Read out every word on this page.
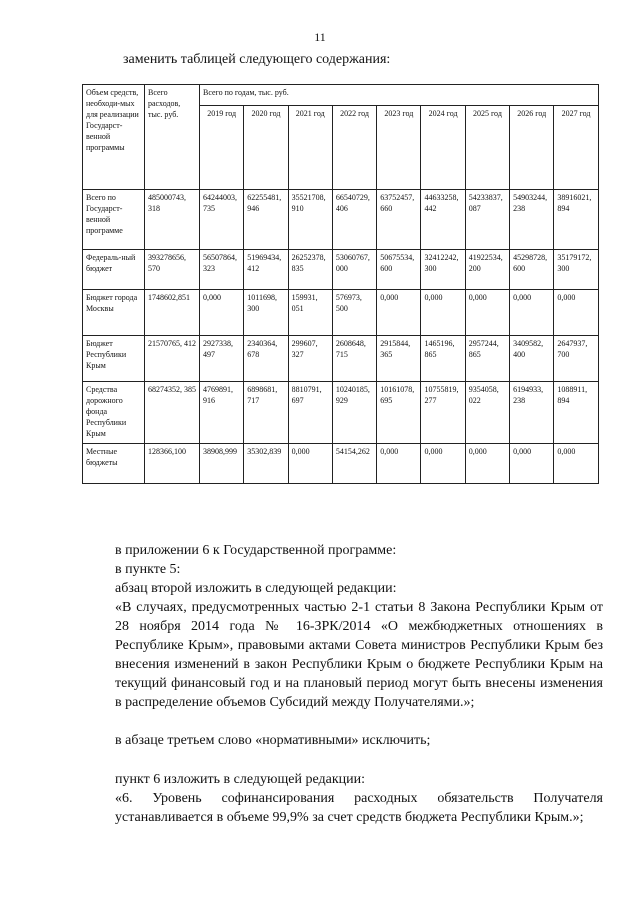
11
заменить таблицей следующего содержания:
Объем средств, необходи-мых для реализации Государст-венной программы	Всего расходов, тыс. руб.	Всего по годам, тыс. руб.								
		2019 год	2020 год	2021 год	2022 год	2023 год	2024 год	2025 год	2026 год	2027 год
Всего по Государст-венной программе	485000743, 318	64244003, 735	62255481, 946	35521708, 910	66540729, 406	63752457, 660	44633258, 442	54233837, 087	54903244, 238	38916021, 894
Федераль-ный бюджет	393278656, 570	56507864, 323	51969434, 412	26252378, 835	53060767, 000	50675534, 600	32412242, 300	41922534, 200	45298728, 600	35179172, 300
Бюджет города Москвы	1748602,851	0,000	1011698, 300	159931, 051	576973, 500	0,000	0,000	0,000	0,000	0,000
Бюджет Республики Крым	21570765, 412	2927338, 497	2340364, 678	299607, 327	2608648, 715	2915844, 365	1465196, 865	2957244, 865	3409582, 400	2647937, 700
Средства дорожного фонда Республики Крым	68274352, 385	4769891, 916	6898681, 717	8810791, 697	10240185, 929	10161078, 695	10755819, 277	9354058, 022	6194933, 238	1088911, 894
Местные бюджеты	128366,100	38908,999	35302,839	0,000	54154,262	0,000	0,000	0,000	0,000	0,000
в приложении 6 к Государственной программе:
в пункте 5:
абзац второй изложить в следующей редакции:
«В случаях, предусмотренных частью 2-1 статьи 8 Закона Республики Крым от 28 ноября 2014 года № 16-ЗРК/2014 «О межбюджетных отношениях в Республике Крым», правовыми актами Совета министров Республики Крым без внесения изменений в закон Республики Крым о бюджете Республики Крым на текущий финансовый год и на плановый период могут быть внесены изменения в распределение объемов Субсидий между Получателями.»;
в абзаце третьем слово «нормативными» исключить;
пункт 6 изложить в следующей редакции:
«6. Уровень софинансирования расходных обязательств Получателя устанавливается в объеме 99,9% за счет средств бюджета Республики Крым.»;
